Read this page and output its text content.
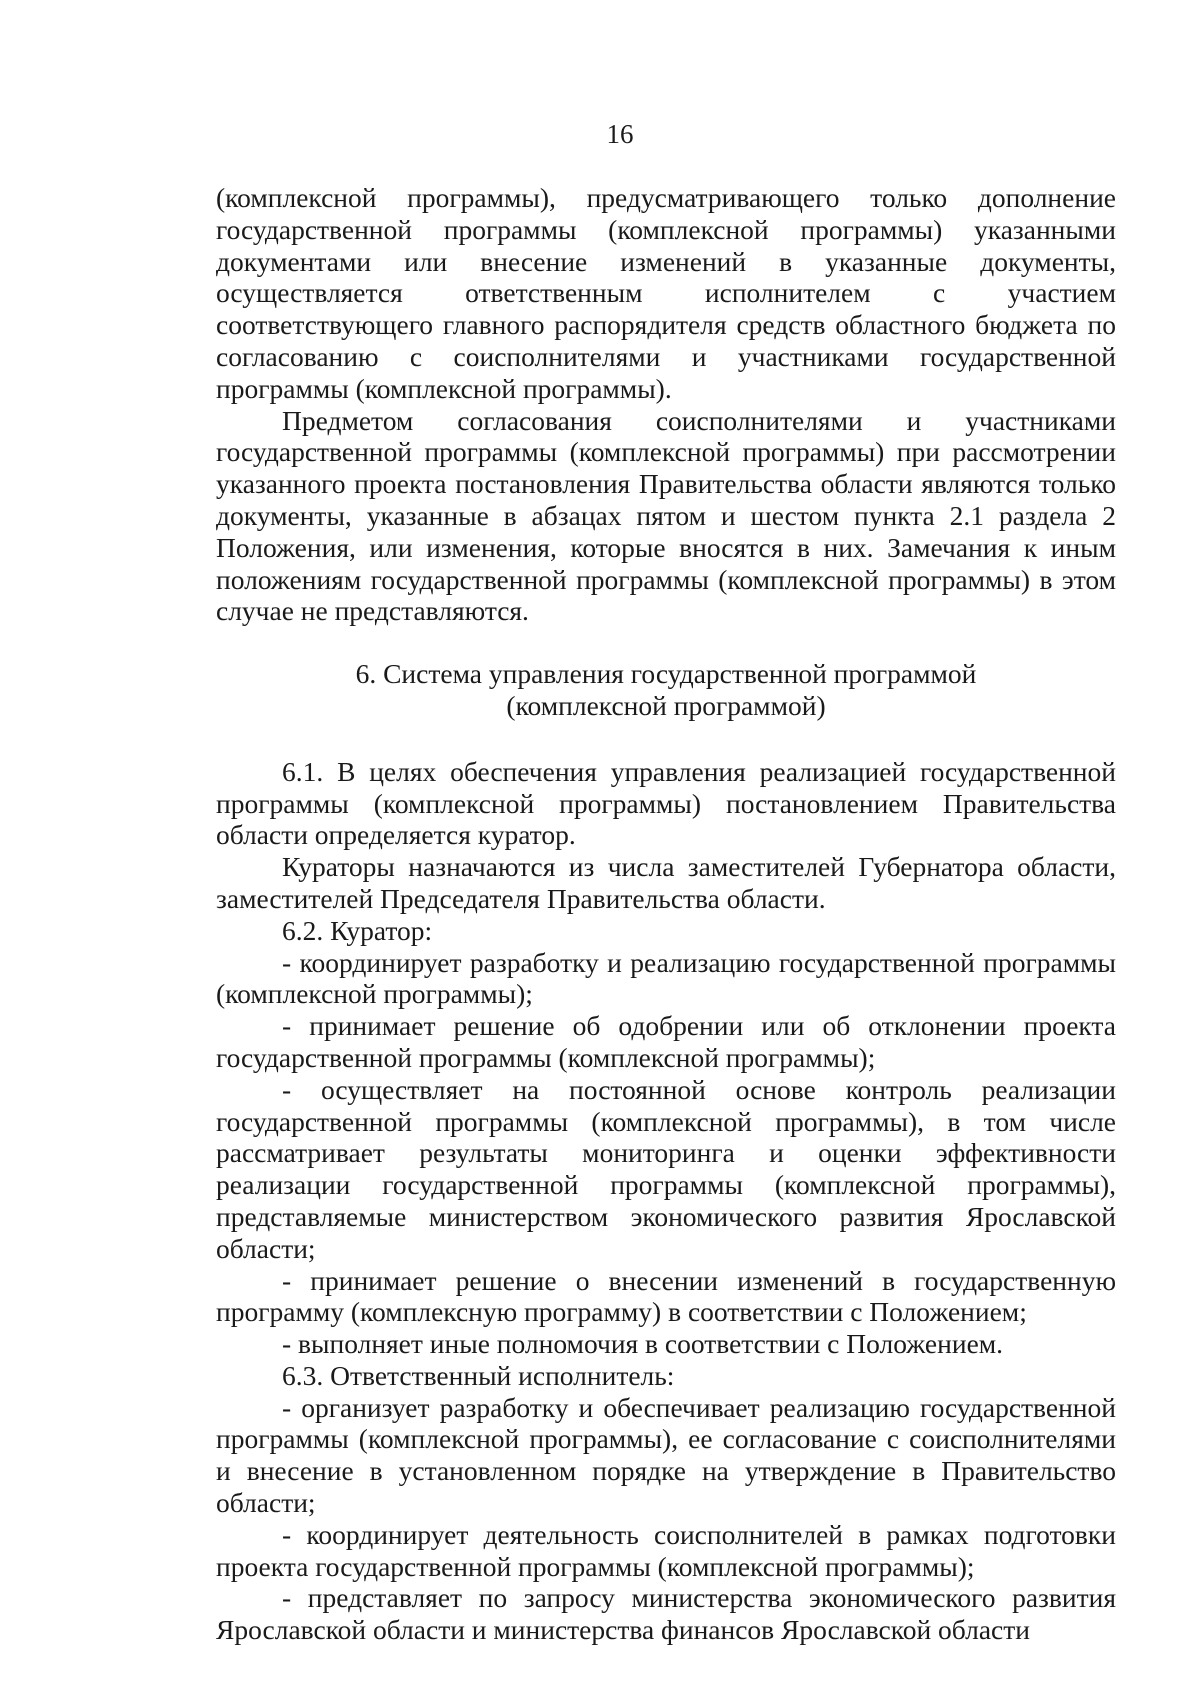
16

(комплексной программы), предусматривающего только дополнение государственной программы (комплексной программы) указанными документами или внесение изменений в указанные документы, осуществляется ответственным исполнителем с участием соответствующего главного распорядителя средств областного бюджета по согласованию с соисполнителями и участниками государственной программы (комплексной программы).

Предметом согласования соисполнителями и участниками государственной программы (комплексной программы) при рассмотрении указанного проекта постановления Правительства области являются только документы, указанные в абзацах пятом и шестом пункта 2.1 раздела 2 Положения, или изменения, которые вносятся в них. Замечания к иным положениям государственной программы (комплексной программы) в этом случае не представляются.

6. Система управления государственной программой
(комплексной программой)

6.1. В целях обеспечения управления реализацией государственной программы (комплексной программы) постановлением Правительства области определяется куратор.

Кураторы назначаются из числа заместителей Губернатора области, заместителей Председателя Правительства области.

6.2. Куратор:

- координирует разработку и реализацию государственной программы (комплексной программы);

- принимает решение об одобрении или об отклонении проекта государственной программы (комплексной программы);

- осуществляет на постоянной основе контроль реализации государственной программы (комплексной программы), в том числе рассматривает результаты мониторинга и оценки эффективности реализации государственной программы (комплексной программы), представляемые министерством экономического развития Ярославской области;

- принимает решение о внесении изменений в государственную программу (комплексную программу) в соответствии с Положением;

- выполняет иные полномочия в соответствии с Положением.

6.3. Ответственный исполнитель:

- организует разработку и обеспечивает реализацию государственной программы (комплексной программы), ее согласование с соисполнителями и внесение в установленном порядке на утверждение в Правительство области;

- координирует деятельность соисполнителей в рамках подготовки проекта государственной программы (комплексной программы);

- представляет по запросу министерства экономического развития Ярославской области и министерства финансов Ярославской области
